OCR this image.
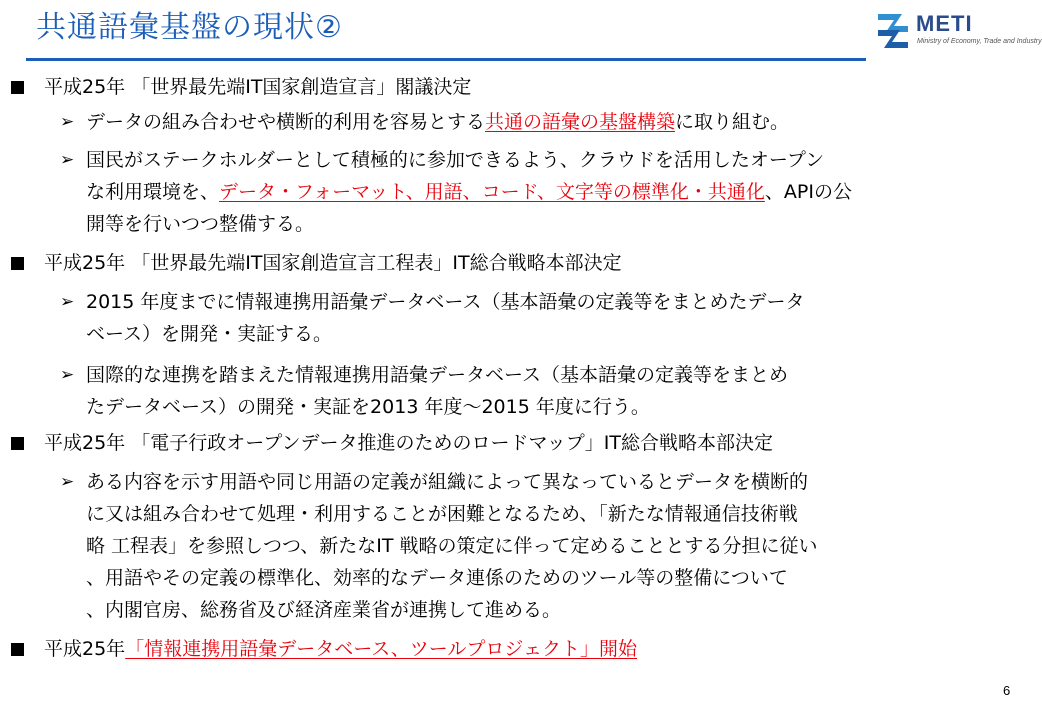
共通語彙基盤の現状②	METI
Ministry of Economy, Trade and Industry
平成25年 「世界最先端IT国家創造宣言」閣議決定
➢ データの組み合わせや横断的利用を容易とする共通の語彙の基盤構築に取り組む。
➢ 国民がステークホルダーとして積極的に参加できるよう、クラウドを活用したオープン
な利用環境を、データ・フォーマット、用語、コード、文字等の標準化・共通化、APIの公
開等を行いつつ整備する。
平成25年 「世界最先端IT国家創造宣言工程表」IT総合戦略本部決定
➢ 2015 年度までに情報連携用語彙データベース（基本語彙の定義等をまとめたデータ
ベース）を開発・実証する。
➢ 国際的な連携を踏まえた情報連携用語彙データベース（基本語彙の定義等をまとめ
たデータベース）の開発・実証を2013 年度～2015 年度に行う。
平成25年 「電子行政オープンデータ推進のためのロードマップ」IT総合戦略本部決定
➢ ある内容を示す用語や同じ用語の定義が組織によって異なっているとデータを横断的
に又は組み合わせて処理・利用することが困難となるため、「新たな情報通信技術戦
略 工程表」を参照しつつ、新たなIT 戦略の策定に伴って定めることとする分担に従い
、用語やその定義の標準化、効率的なデータ連係のためのツール等の整備について
、内閣官房、総務省及び経済産業省が連携して進める。
平成25年「情報連携用語彙データベース、ツールプロジェクト」開始
6
